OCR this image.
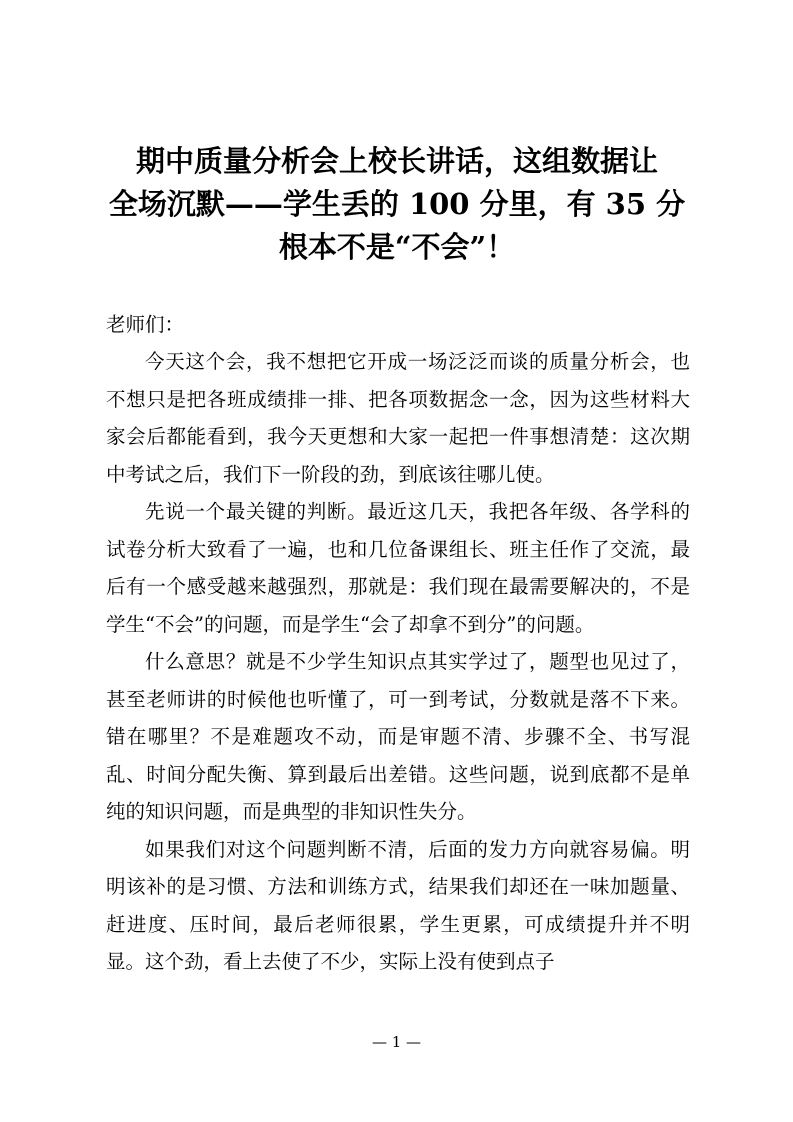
期中质量分析会上校长讲话，这组数据让
全场沉默——学生丢的 100 分里，有 35 分
根本不是“不会”！
老师们：

今天这个会，我不想把它开成一场泛泛而谈的质量分析会，也不想只是把各班成绩排一排、把各项数据念一念，因为这些材料大家会后都能看到，我今天更想和大家一起把一件事想清楚：这次期中考试之后，我们下一阶段的劲，到底该往哪儿使。

先说一个最关键的判断。最近这几天，我把各年级、各学科的试卷分析大致看了一遍，也和几位备课组长、班主任作了交流，最后有一个感受越来越强烈，那就是：我们现在最需要解决的，不是学生“不会”的问题，而是学生“会了却拿不到分”的问题。

什么意思？就是不少学生知识点其实学过了，题型也见过了，甚至老师讲的时候他也听懂了，可一到考试，分数就是落不下来。错在哪里？不是难题攻不动，而是审题不清、步骤不全、书写混乱、时间分配失衡、算到最后出差错。这些问题，说到底都不是单纯的知识问题，而是典型的非知识性失分。

如果我们对这个问题判断不清，后面的发力方向就容易偏。明明该补的是习惯、方法和训练方式，结果我们却还在一味加题量、赶进度、压时间，最后老师很累，学生更累，可成绩提升并不明显。这个劲，看上去使了不少，实际上没有使到点子

— 1 —
